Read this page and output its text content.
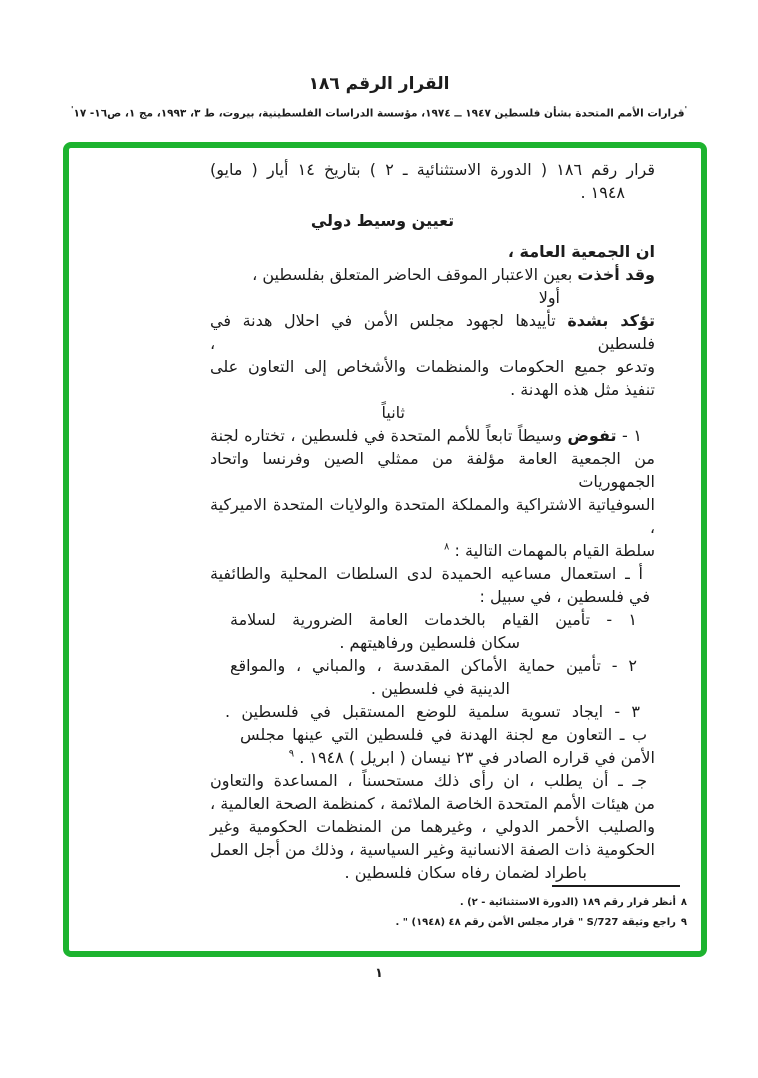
القرار الرقم ١٨٦
'قرارات الأمم المتحدة بشأن فلسطين ١٩٤٧ ــ ١٩٧٤، مؤسسة الدراسات الفلسطينية، بيروت، ط ٣، ١٩٩٣، مج ١، ص١٦- ١٧'
قرار رقم ١٨٦ ( الدورة الاستثنائية ـ ٢ ) بتاريخ ١٤ أيار ( مايو)
١٩٤٨ .
تعيين وسيط دولي
ان الجمعية العامة ،
وقد أخذت بعين الاعتبار الموقف الحاضر المتعلق بفلسطين ،
أولا
تؤكد بشدة تأييدها لجهود مجلس الأمن في احلال هدنة في فلسطين ،
وتدعو جميع الحكومات والمنظمات والأشخاص إلى التعاون على
تنفيذ مثل هذه الهدنة .
ثانياً
١ - تفوض وسيطاً تابعاً للأمم المتحدة في فلسطين ، تختاره لجنة
من الجمعية العامة مؤلفة من ممثلي الصين وفرنسا واتحاد الجمهوريات
السوفياتية الاشتراكية والمملكة المتحدة والولايات المتحدة الاميركية ،
سلطة القيام بالمهمات التالية : $^٨$
أ ـ استعمال مساعيه الحميدة لدى السلطات المحلية والطائفية
في فلسطين ، في سبيل :
١ - تأمين القيام بالخدمات العامة الضرورية لسلامة
سكان فلسطين ورفاهيتهم .
٢ - تأمين حماية الأماكن المقدسة ، والمباني ، والمواقع
الدينية في فلسطين .
٣ - ايجاد تسوية سلمية للوضع المستقبل في فلسطين .
ب ـ التعاون مع لجنة الهدنة في فلسطين التي عينها مجلس
الأمن في قراره الصادر في ٢٣ نيسان ( ابريل ) ١٩٤٨ . $^٩$
جـ ـ أن يطلب ، ان رأى ذلك مستحسناً ، المساعدة والتعاون
من هيئات الأمم المتحدة الخاصة الملائمة ، كمنظمة الصحة العالمية ،
والصليب الأحمر الدولي ، وغيرهما من المنظمات الحكومية وغير
الحكومية ذات الصفة الانسانية وغير السياسية ، وذلك من أجل العمل
باطراد لضمان رفاه سكان فلسطين .
٨أنظر قرار رقم ١٨٩ (الدورة الاستثنائية - ٢) .
٩راجع وثيقة S/727 " قرار مجلس الأمن رقم ٤٨ (١٩٤٨) " .
١
